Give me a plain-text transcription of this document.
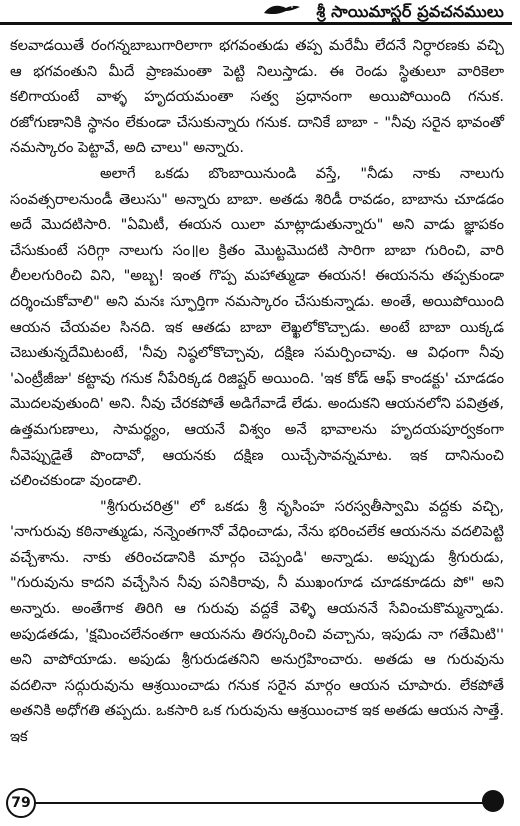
శ్రీ సాయిమాస్టర్ ప్రవచనములు

కలవాడయితే రంగన్నబాబుగారిలాగా భగవంతుడు తప్ప మరేమీ లేదనే నిర్ధారణకు వచ్చి ఆ భగవంతుని మీదే ప్రాణమంతా పెట్టి నిలుస్తాడు. ఈ రెండు స్థితులూ వారికెలా కలిగాయంటే వాళ్ళ హృదయమంతా సత్వ ప్రధానంగా అయిపోయింది గనుక. రజోగుణానికి స్థానం లేకుండా చేసుకున్నారు గనుక. దానికే బాబా - "నీవు సరైన భావంతో నమస్కారం పెట్టావే, అది చాలు" అన్నారు.

అలాగే ఒకడు బొంబాయినుండి వస్తే, "నీడు నాకు నాలుగు సంవత్సరాలనుండీ తెలుసు" అన్నారు బాబా. అతడు శిరిడీ రావడం, బాబాను చూడడం అదే మొదటిసారి. "ఏమిటీ, ఈయన యిలా మాట్లాడుతున్నారు" అని వాడు జ్ఞాపకం చేసుకుంటే సరిగ్గా నాలుగు సం॥ల క్రితం మొట్టమొదటి సారిగా బాబా గురించి, వారి లీలలగురించి విని, "అబ్బ! ఇంత గొప్ప మహాత్ముడా ఈయన! ఈయనను తప్పకుండా దర్శించుకోవాలి" అని మనః స్ఫూర్తిగా నమస్కారం చేసుకున్నాడు. అంతే, అయిపోయింది ఆయన చేయవల సినది. ఇక ఆతడు బాబా లెఖ్ఖలోకొచ్చాడు. అంటే బాబా యిక్కడ చెబుతున్నదేమిటంటే, 'నీవు నిష్ఠలోకొచ్చావు, దక్షిణ సమర్పించావు. ఆ విధంగా నీవు 'ఎంట్రీజీజు' కట్టావు గనుక నీపేరిక్కడ రిజిష్టర్ అయింది. 'ఇక కోడ్ ఆఫ్ కాండక్టు' చూడడం మొదలవుతుంది' అని. నీవు చేరకపోతే అడిగేవాడే లేడు. అందుకని ఆయనలోని పవిత్రత, ఉత్తమగుణాలు, సామర్థ్యం, ఆయనే విశ్వం అనే భావాలను హృదయపూర్వకంగా నీవెప్పుడైతే పొందావో, ఆయనకు దక్షిణ యిచ్చేసావన్నమాట. ఇక దానినుంచి చలించకుండా వుండాలి.

"శ్రీగురుచరిత్ర" లో ఒకడు శ్రీ నృసింహ సరస్వతీస్వామి వద్దకు వచ్చి, 'నాగురువు కఠినాత్ముడు, నన్నెంతగానో వేధించాడు, నేను భరించలేక ఆయనను వదలిపెట్టి వచ్చేశాను. నాకు తరించడానికి మార్గం చెప్పండి' అన్నాడు. అప్పుడు శ్రీగురుడు, "గురువును కాదని వచ్చేసిన నీవు పనికిరావు, నీ ముఖంగూడ చూడకూడదు పో" అని అన్నారు. అంతేగాక తిరిగి ఆ గురువు వద్దకే వెళ్ళి ఆయననే సేవించుకొమ్మన్నాడు. అపుడతడు, 'క్షమించలేనంతగా ఆయనను తిరస్కరించి వచ్చాను, ఇపుడు నా గతేమిటి'' అని వాపోయాడు. అపుడు శ్రీగురుడతనిని అనుగ్రహించారు. అతడు ఆ గురువును వదలినా సద్గురువును ఆశ్రయించాడు గనుక సరైన మార్గం ఆయన చూపారు. లేకపోతే అతనికి అధోగతి తప్పదు. ఒకసారి ఒక గురువును ఆశ్రయించాక ఇక అతడు ఆయన సాత్తే. ఇక

79
